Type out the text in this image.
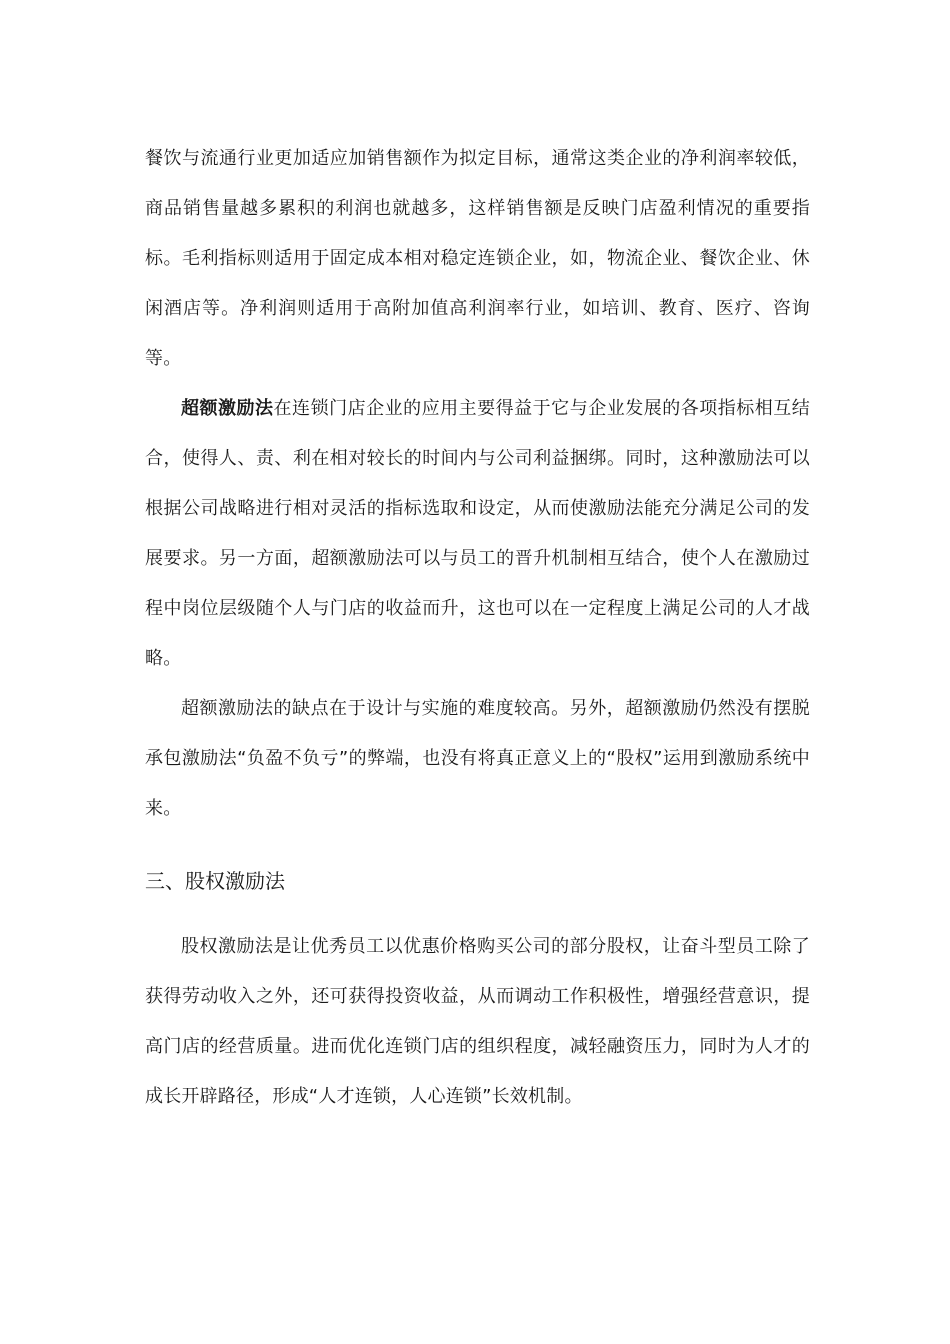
餐饮与流通行业更加适应加销售额作为拟定目标，通常这类企业的净利润率较低，商品销售量越多累积的利润也就越多，这样销售额是反映门店盈利情况的重要指标。毛利指标则适用于固定成本相对稳定连锁企业，如，物流企业、餐饮企业、休闲酒店等。净利润则适用于高附加值高利润率行业，如培训、教育、医疗、咨询等。

超额激励法在连锁门店企业的应用主要得益于它与企业发展的各项指标相互结合，使得人、责、利在相对较长的时间内与公司利益捆绑。同时，这种激励法可以根据公司战略进行相对灵活的指标选取和设定，从而使激励法能充分满足公司的发展要求。另一方面，超额激励法可以与员工的晋升机制相互结合，使个人在激励过程中岗位层级随个人与门店的收益而升，这也可以在一定程度上满足公司的人才战略。

超额激励法的缺点在于设计与实施的难度较高。另外，超额激励仍然没有摆脱承包激励法“负盈不负亏”的弊端，也没有将真正意义上的“股权”运用到激励系统中来。

三、股权激励法

股权激励法是让优秀员工以优惠价格购买公司的部分股权，让奋斗型员工除了获得劳动收入之外，还可获得投资收益，从而调动工作积极性，增强经营意识，提高门店的经营质量。进而优化连锁门店的组织程度，减轻融资压力，同时为人才的成长开辟路径，形成“人才连锁，人心连锁”长效机制。
